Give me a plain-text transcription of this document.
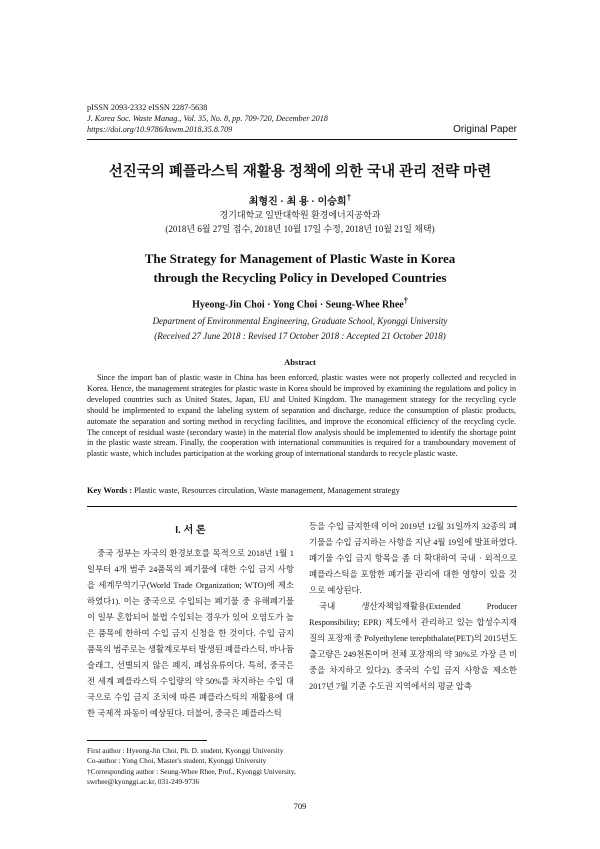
pISSN 2093-2332 eISSN 2287-5638
J. Korea Soc. Waste Manag., Vol. 35, No. 8, pp. 709-720, December 2018
https://doi.org/10.9786/kswm.2018.35.8.709	Original Paper
선진국의 폐플라스틱 재활용 정책에 의한 국내 관리 전략 마련
최형진 · 최 용 · 이승희†
경기대학교 일반대학원 환경에너지공학과
(2018년 6월 27일 접수, 2018년 10월 17일 수정, 2018년 10월 21일 채택)
The Strategy for Management of Plastic Waste in Korea
through the Recycling Policy in Developed Countries
Hyeong-Jin Choi · Yong Choi · Seung-Whee Rhee†
Department of Environmental Engineering, Graduate School, Kyonggi University
(Received 27 June 2018 : Revised 17 October 2018 : Accepted 21 October 2018)
Abstract
Since the import ban of plastic waste in China has been enforced, plastic wastes were not properly collected and recycled in Korea. Hence, the management strategies for plastic waste in Korea should be improved by examining the regulations and policy in developed countries such as United States, Japan, EU and United Kingdom. The management strategy for the recycling cycle should be implemented to expand the labeling system of separation and discharge, reduce the consumption of plastic products, automate the separation and sorting method in recycling facilities, and improve the economical efficiency of the recycling cycle. The concept of residual waste (secondary waste) in the material flow analysis should be implemented to identify the shortage point in the plastic waste stream. Finally, the cooperation with international communities is required for a transboundary movement of plastic waste, which includes participation at the working group of international standards to recycle plastic waste.
Key Words : Plastic waste, Resources circulation, Waste management, Management strategy
I. 서 론

중국 정부는 자국의 환경보호를 목적으로 2018년 1월 1일부터 4개 범주 24품목의 폐기물에 대한 수입 금지 사항을 세계무역기구(World Trade Organization; WTO)에 제소하였다1). 이는 중국으로 수입되는 폐기물 중 유해폐기물이 일부 혼합되어 불법 수입되는 경우가 있어 오염도가 높은 품목에 한하여 수입 금지 신청을 한 것이다. 수입 금지 품목의 범주로는 생활계로부터 발생된 폐플라스틱, 바나듐 슬래그, 선별되지 않은 폐지, 폐섬유류이다. 특히, 중국은 전 세계 폐플라스틱 수입량의 약 50%를 차지하는 수입 대국으로 수입 금지 조치에 따른 폐플라스틱의 재활용에 대한 국제적 파동이 예상된다. 더불어, 중국은 폐플라스틱

등을 수입 금지한데 이어 2019년 12월 31일까지 32종의 폐기물을 수입 금지하는 사항을 지난 4월 19일에 발표하였다. 폐기물 수입 금지 항목을 좀 더 확대하여 국내 · 외적으로 폐플라스틱을 포함한 폐기물 관리에 대한 영향이 있을 것으로 예상된다.

국내 생산자책임재활용(Extended Producer Responsibility; EPR) 제도에서 관리하고 있는 합성수지재질의 포장재 중 Polyethylene terephthalate(PET)의 2015년도 출고량은 249천톤이며 전체 포장재의 약 30%로 가장 큰 비중을 차지하고 있다2). 중국의 수입 금지 사항을 제소한 2017년 7월 기준 수도권 지역에서의 평균 압축

First author : Hyeong-Jin Choi, Ph. D. student, Kyonggi University
Co-author : Yong Choi, Master's student, Kyonggi University
†Corresponding author : Seung-Whee Rhee, Prof., Kyonggi University, swrhee@kyonggi.ac.kr, 031-249-9736
709
